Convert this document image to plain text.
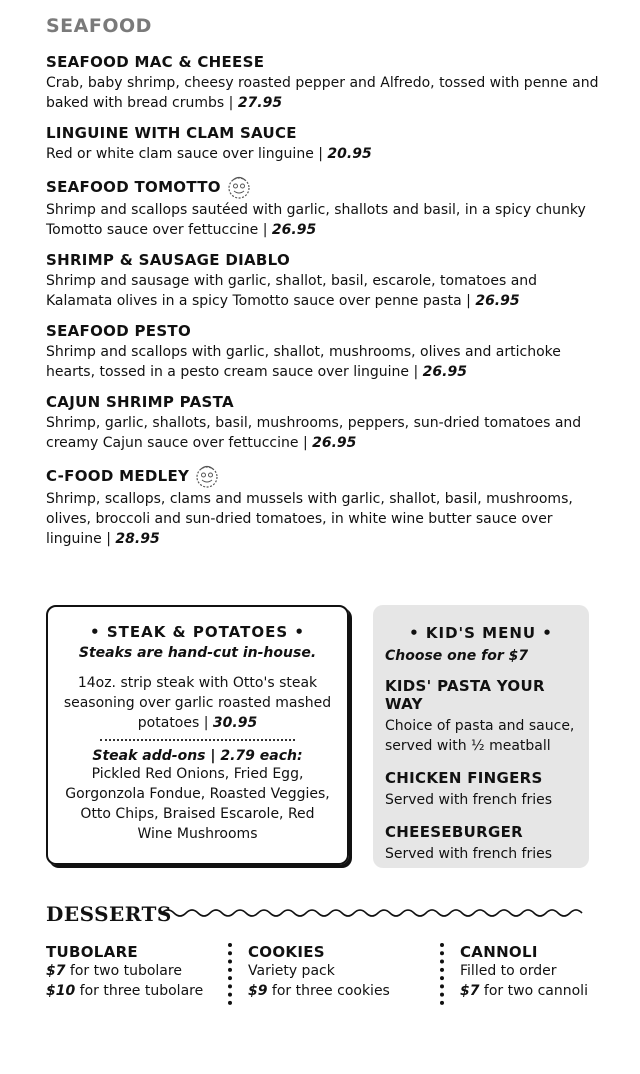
SEAFOOD
SEAFOOD MAC & CHEESE
Crab, baby shrimp, cheesy roasted pepper and Alfredo, tossed with penne and baked with bread crumbs | 27.95
LINGUINE WITH CLAM SAUCE
Red or white clam sauce over linguine | 20.95
SEAFOOD TOMOTTO
Shrimp and scallops sautéed with garlic, shallots and basil, in a spicy chunky Tomotto sauce over fettuccine | 26.95
SHRIMP & SAUSAGE DIABLO
Shrimp and sausage with garlic, shallot, basil, escarole, tomatoes and Kalamata olives in a spicy Tomotto sauce over penne pasta | 26.95
SEAFOOD PESTO
Shrimp and scallops with garlic, shallot, mushrooms, olives and artichoke hearts, tossed in a pesto cream sauce over linguine | 26.95
CAJUN SHRIMP PASTA
Shrimp, garlic, shallots, basil, mushrooms, peppers, sun-dried tomatoes and creamy Cajun sauce over fettuccine | 26.95
C-FOOD MEDLEY
Shrimp, scallops, clams and mussels with garlic, shallot, basil, mushrooms, olives, broccoli and sun-dried tomatoes, in white wine butter sauce over linguine | 28.95
• STEAK & POTATOES •
Steaks are hand-cut in-house.
14oz. strip steak with Otto's steak seasoning over garlic roasted mashed potatoes | 30.95
Steak add-ons | 2.79 each:
Pickled Red Onions, Fried Egg, Gorgonzola Fondue, Roasted Veggies, Otto Chips, Braised Escarole, Red Wine Mushrooms
• KID'S MENU •
Choose one for $7
KIDS' PASTA YOUR WAY
Choice of pasta and sauce, served with ½ meatball
CHICKEN FINGERS
Served with french fries
CHEESEBURGER
Served with french fries
DESSERTS
TUBOLARE
$7 for two tubolare
$10 for three tubolare
COOKIES
Variety pack
$9 for three cookies
CANNOLI
Filled to order
$7 for two cannoli
